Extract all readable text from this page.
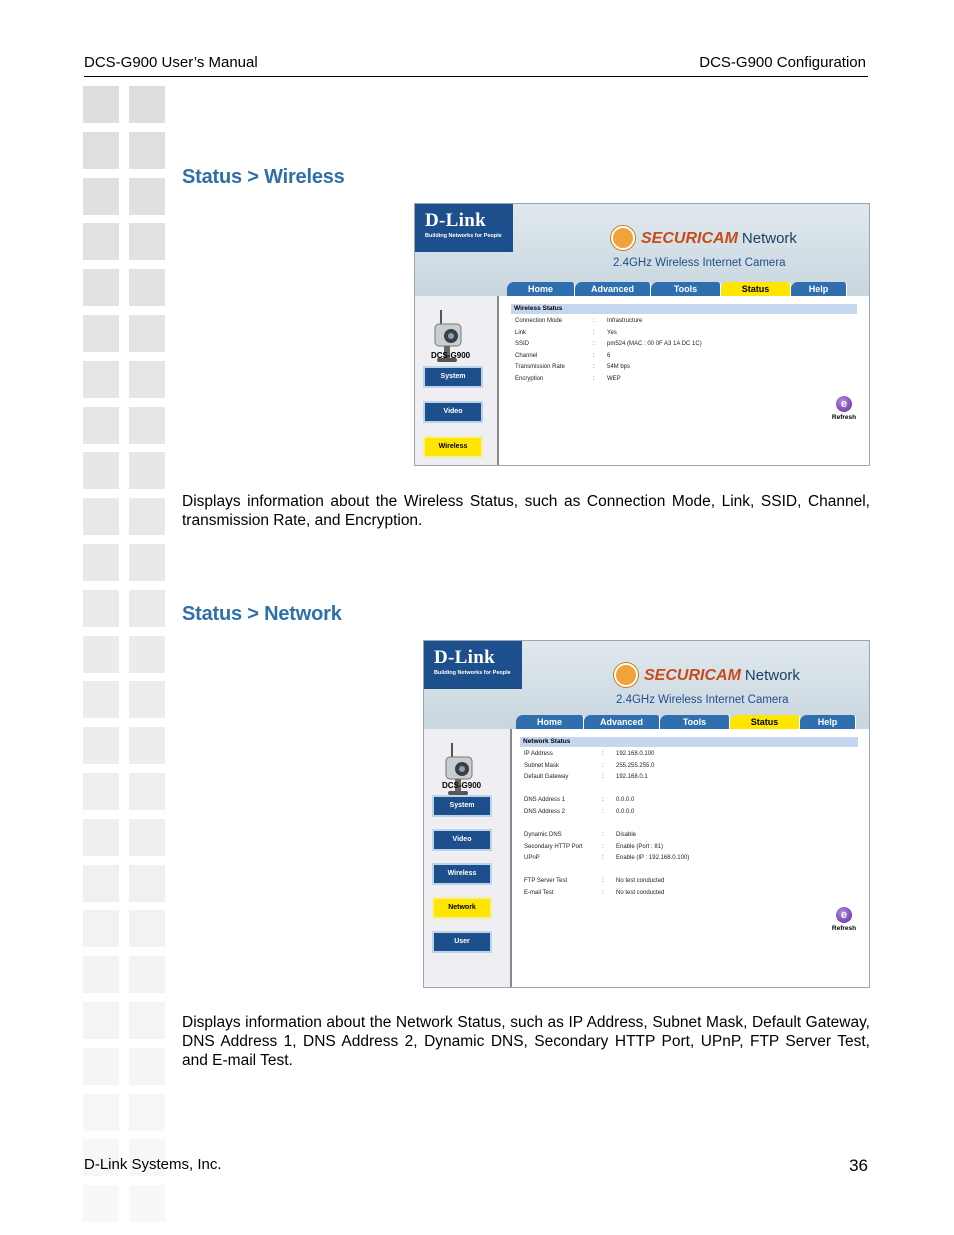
DCS-G900 User’s Manual	DCS-G900 Configuration
Status > Wireless
D-Link
Building Networks for People	SECURICAM Network
2.4GHz Wireless Internet Camera
Home	Advanced	Tools	Status	Help
DCS-G900
System
Video
Wireless
Wireless Status
Connection Mode	: Infrastructure
Link	: Yes
SSID	: pm524 (MAC : 00 0F A3 1A DC 1C)
Channel	: 6
Transmission Rate	: 54M bps
Encryption	: WEP
e
Refresh
Displays information about the Wireless Status, such as Connection Mode, Link, SSID, Channel, transmission Rate, and Encryption.
Status > Network
D-Link
Building Networks for People	SECURICAM Network
2.4GHz Wireless Internet Camera
Home	Advanced	Tools	Status	Help
DCS-G900
System
Video
Wireless
Network
User
Network Status
IP Address	: 192.168.0.100
Subnet Mask	: 255.255.255.0
Default Gateway	: 192.168.0.1
DNS Address 1	: 0.0.0.0
DNS Address 2	: 0.0.0.0
Dynamic DNS	: Disable
Secondary HTTP Port	: Enable (Port : 81)
UPnP	: Enable (IP : 192.168.0.100)
FTP Server Test	: No test conducted
E-mail Test	: No test conducted
e
Refresh
Displays information about the Network Status, such as IP Address, Subnet Mask, Default Gateway, DNS Address 1, DNS Address 2, Dynamic DNS, Secondary HTTP Port, UPnP, FTP Server Test, and E-mail Test.
D-Link Systems, Inc.	36
